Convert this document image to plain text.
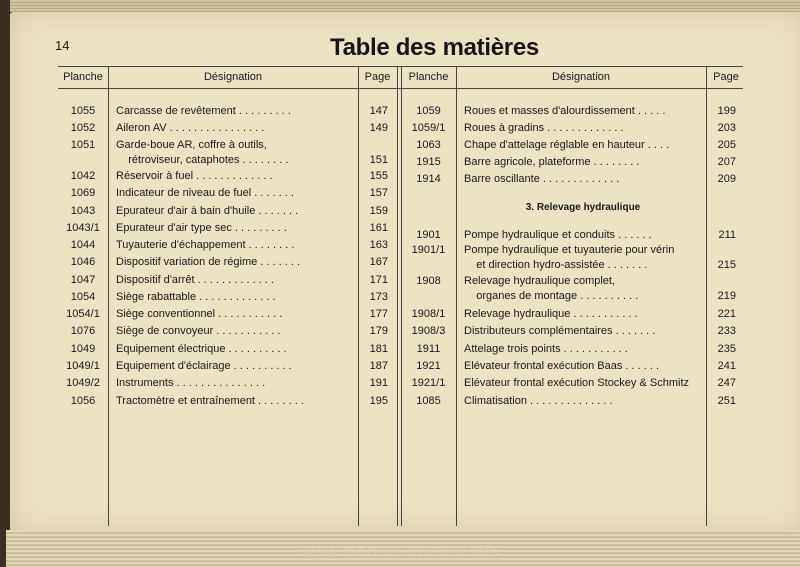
14	Table des matières
Planche	Désignation	Page	Planche	Désignation	Page
1055	Carcasse de revêtement . . . . . . . . .	147
1052	Aileron AV . . . . . . . . . . . . . . . .	149
1051	Garde-boue AR, coffre à outils,
rétroviseur, cataphotes . . . . . . . .	151
1042	Réservoir à fuel . . . . . . . . . . . . .	155
1069	Indicateur de niveau de fuel . . . . . . .	157
1043	Epurateur d'air à bain d'huile . . . . . . .	159
1043/1	Epurateur d'air type sec . . . . . . . . .	161
1044	Tuyauterie d'échappement . . . . . . . .	163
1046	Dispositif variation de régime . . . . . . .	167
1047	Dispositif d'arrêt . . . . . . . . . . . . .	171
1054	Siège rabattable . . . . . . . . . . . . .	173
1054/1	Siège conventionnel . . . . . . . . . . .	177
1076	Siège de convoyeur . . . . . . . . . . .	179
1049	Equipement électrique . . . . . . . . . .	181
1049/1	Equipement d'éclairage . . . . . . . . . .	187
1049/2	Instruments . . . . . . . . . . . . . . .	191
1056	Tractomètre et entraînement . . . . . . . .	195
1059	Roues et masses d'alourdissement . . . . .	199
1059/1	Roues à gradins . . . . . . . . . . . . .	203
1063	Chape d'attelage réglable en hauteur . . . .	205
1915	Barre agricole, plateforme . . . . . . . .	207
1914	Barre oscillante . . . . . . . . . . . . .	209
1901	Pompe hydraulique et conduits . . . . . .	211
1901/1	Pompe hydraulique et tuyauterie pour vérin
et direction hydro-assistée . . . . . . .	215
1908	Relevage hydraulique complet,
organes de montage . . . . . . . . . .	219
1908/1	Relevage hydraulique . . . . . . . . . . .	221
1908/3	Distributeurs complémentaires . . . . . . .	233
1911	Attelage trois points . . . . . . . . . . .	235
1921	Elévateur frontal exécution Baas . . . . . .	241
1921/1	Elévateur frontal exécution Stockey & Schmitz	247
1085	Climatisation . . . . . . . . . . . . . .	251
3. Relevage hydraulique
www.manuel-tracteur.info
